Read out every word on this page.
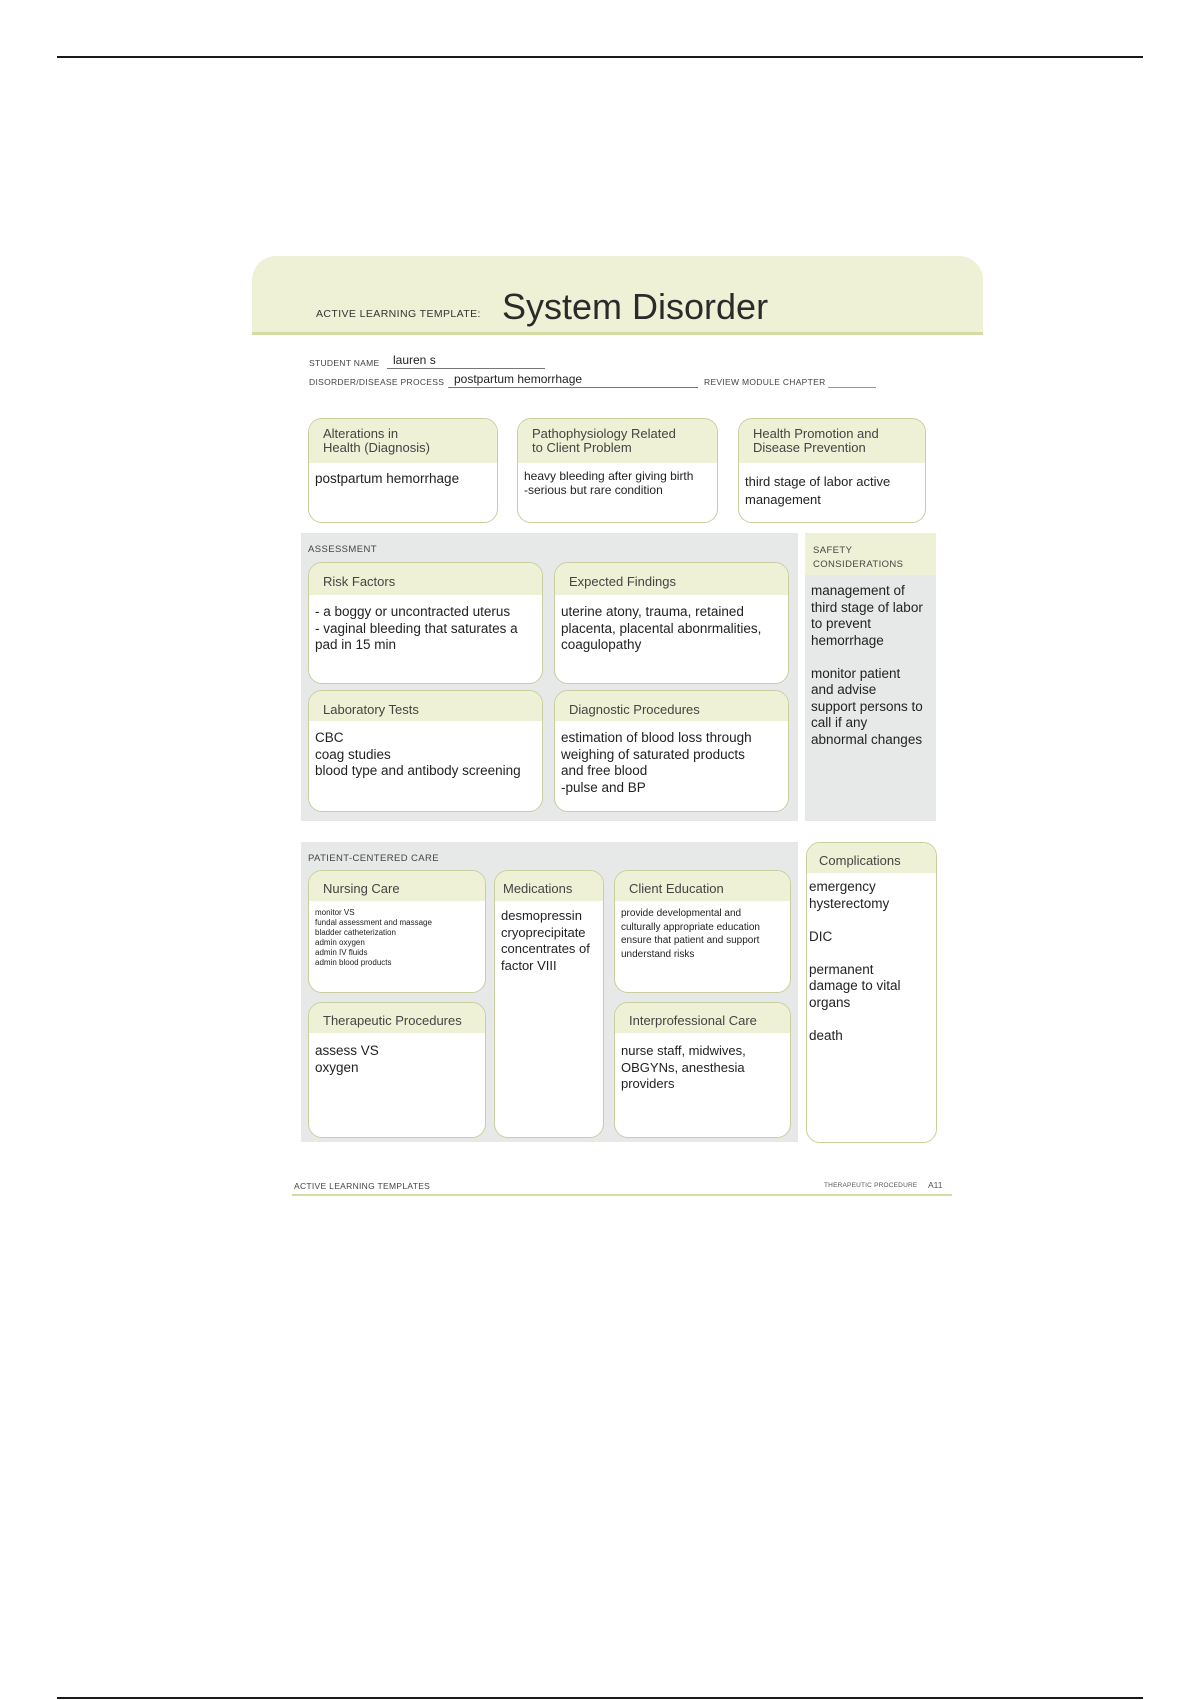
ACTIVE LEARNING TEMPLATE: System Disorder
STUDENT NAME	lauren s
DISORDER/DISEASE PROCESS postpartum hemorrhage	REVIEW MODULE CHAPTER
Alterations in
Health (Diagnosis)
postpartum hemorrhage
Pathophysiology Related
to Client Problem
heavy bleeding after giving birth
-serious but rare condition
Health Promotion and
Disease Prevention
third stage of labor active
management
ASSESSMENT
Risk Factors
- a boggy or uncontracted uterus
- vaginal bleeding that saturates a
pad in 15 min
Expected Findings
uterine atony, trauma, retained
placenta, placental abonrmalities,
coagulopathy
Laboratory Tests
CBC
coag studies
blood type and antibody screening
Diagnostic Procedures
estimation of blood loss through
weighing of saturated products
and free blood
-pulse and BP
SAFETY
CONSIDERATIONS
management of
third stage of labor
to prevent
hemorrhage

monitor patient
and advise
support persons to
call if any
abnormal changes
PATIENT-CENTERED CARE
Nursing Care
monitor VS
fundal assessment and massage
bladder catheterization
admin oxygen
admin IV fluids
admin blood products
Medications
desmopressin
cryoprecipitate
concentrates of
factor VIII
Client Education
provide developmental and
culturally appropriate education
ensure that patient and support
understand risks
Therapeutic Procedures
assess VS
oxygen
Interprofessional Care
nurse staff, midwives,
OBGYNs, anesthesia
providers
Complications
emergency
hysterectomy

DIC

permanent
damage to vital
organs

death
ACTIVE LEARNING TEMPLATES	THERAPEUTIC PROCEDURE A11
